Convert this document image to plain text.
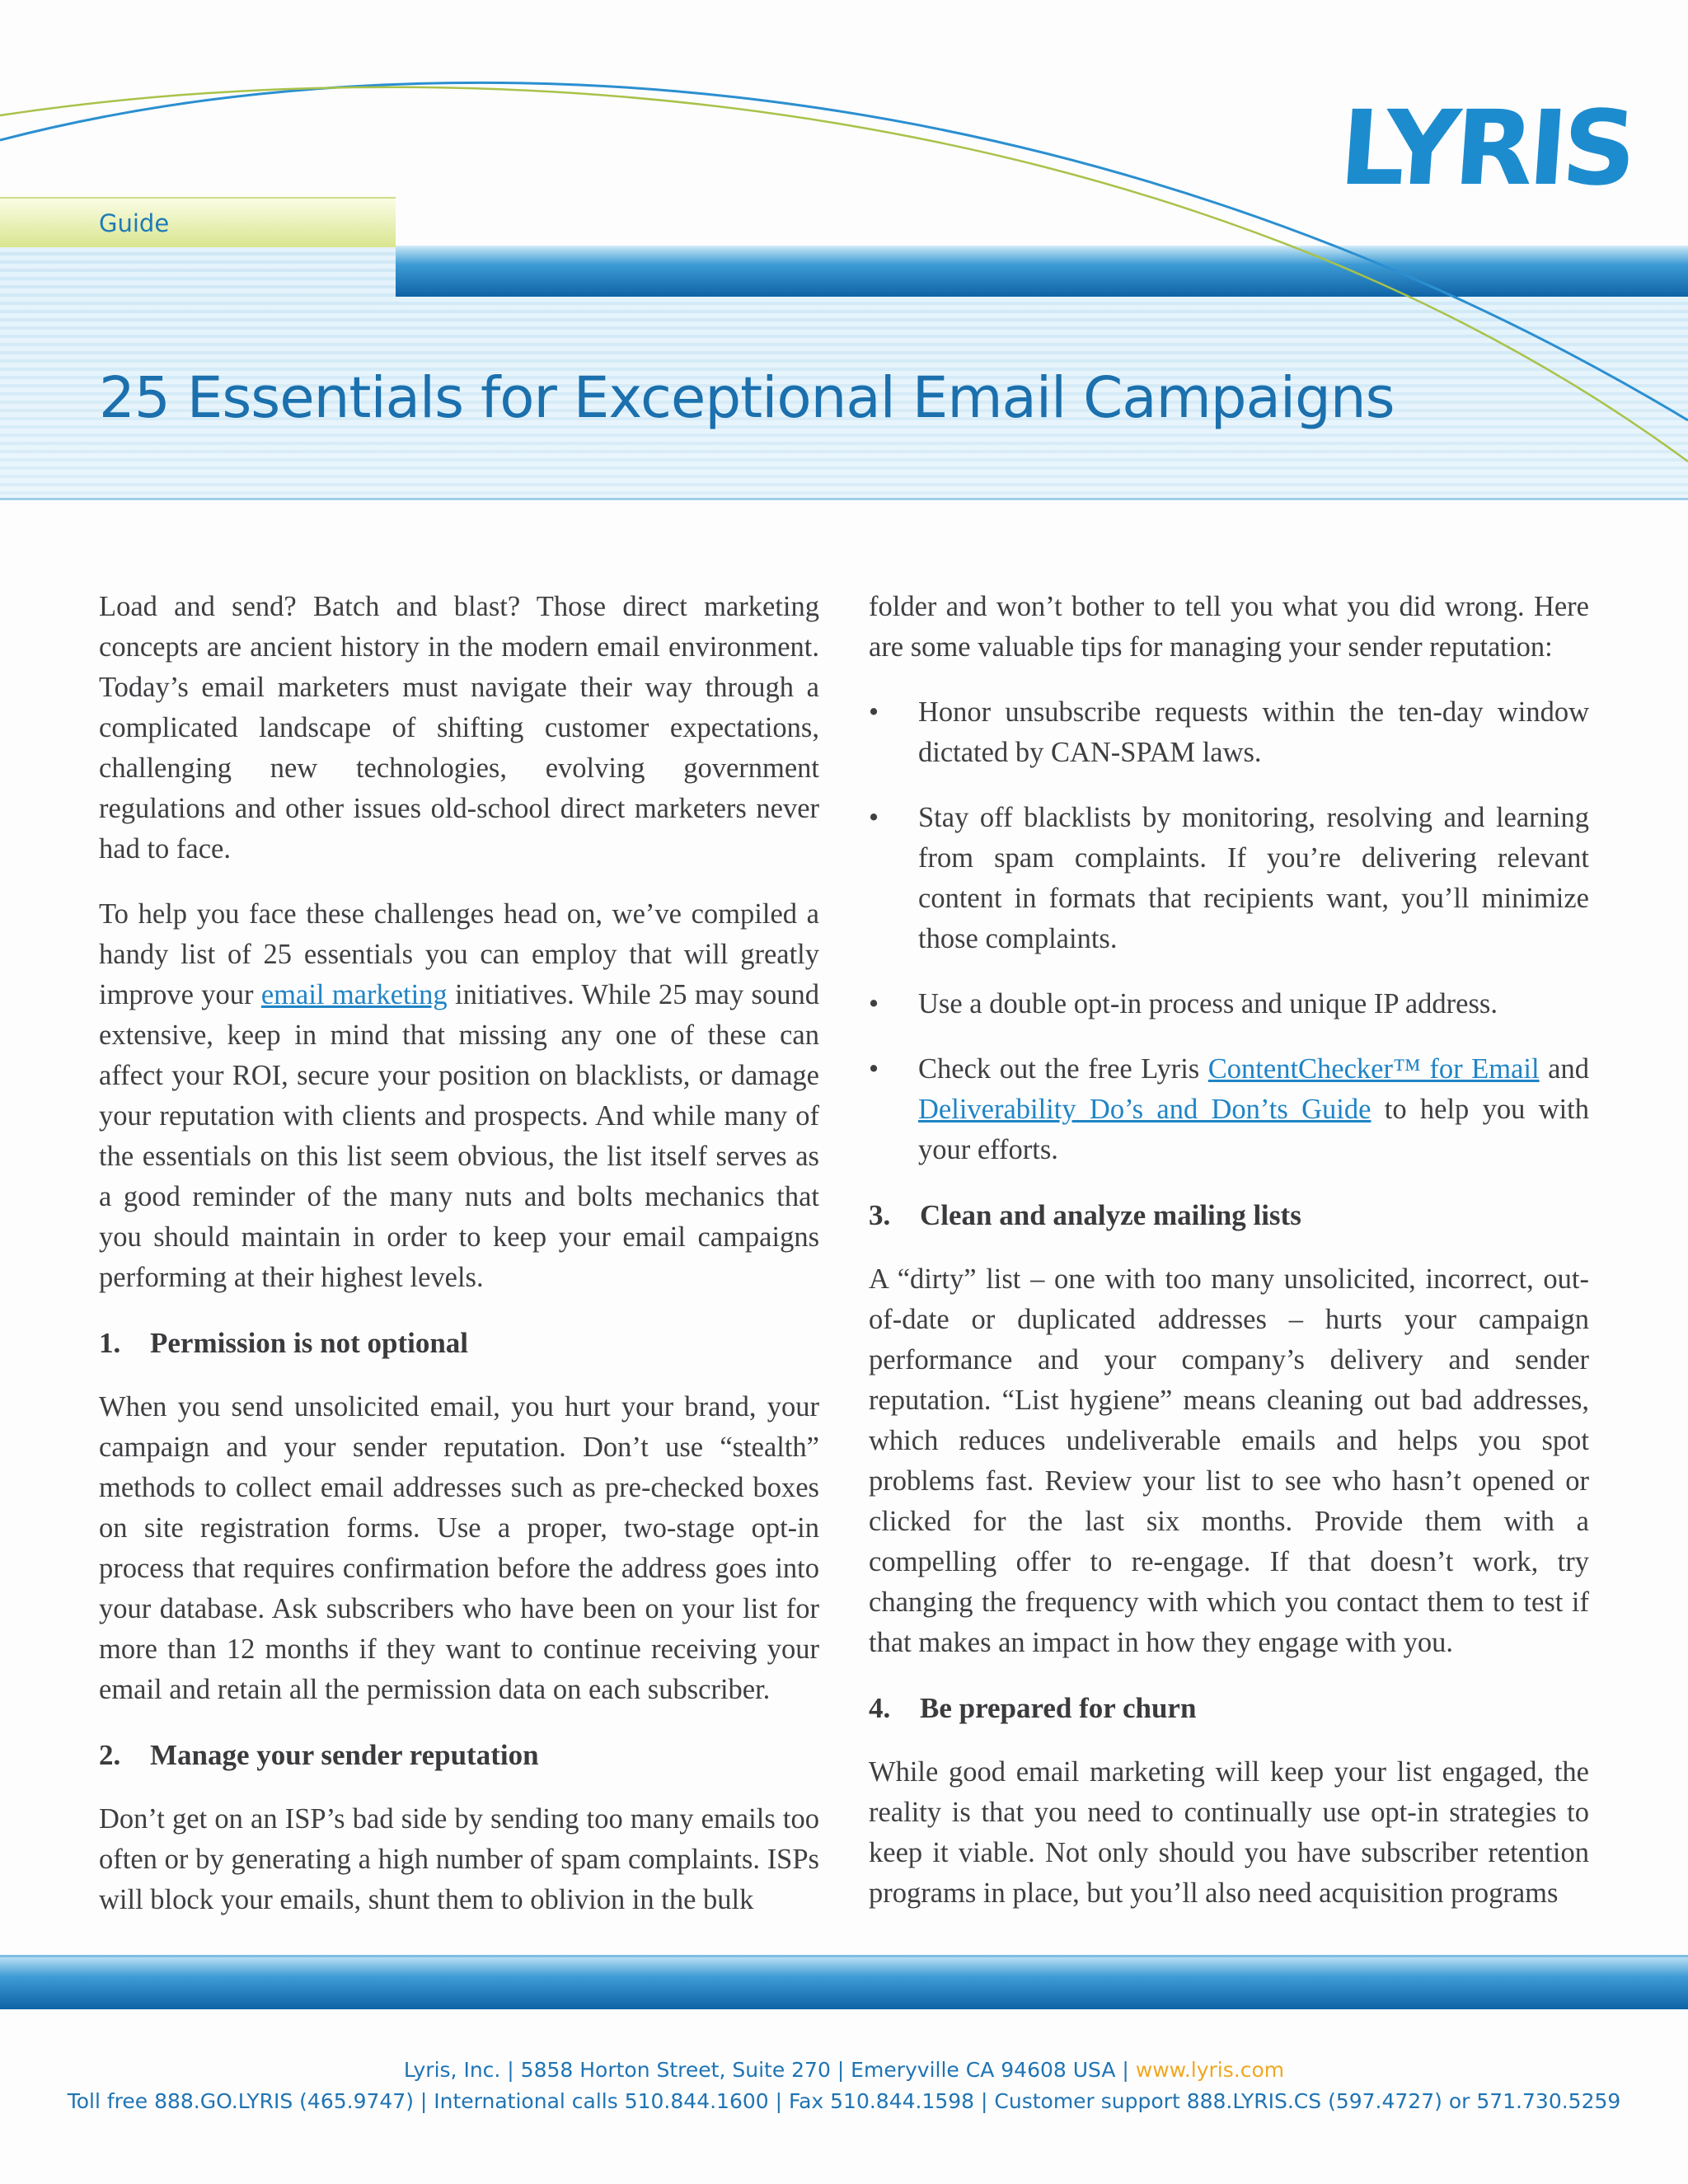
Guide
LYRIS
25 Essentials for Exceptional Email Campaigns

Load and send? Batch and blast? Those direct marketing concepts are ancient history in the modern email environment. Today’s email marketers must navigate their way through a complicated landscape of shifting customer expectations, challenging new technologies, evolving government regulations and other issues old-school direct marketers never had to face.

To help you face these challenges head on, we’ve compiled a handy list of 25 essentials you can employ that will greatly improve your email marketing initiatives. While 25 may sound extensive, keep in mind that missing any one of these can affect your ROI, secure your position on blacklists, or damage your reputation with clients and prospects. And while many of the essentials on this list seem obvious, the list itself serves as a good reminder of the many nuts and bolts mechanics that you should maintain in order to keep your email campaigns performing at their highest levels.

1. Permission is not optional

When you send unsolicited email, you hurt your brand, your campaign and your sender reputation. Don’t use “stealth” methods to collect email addresses such as pre-checked boxes on site registration forms. Use a proper, two-stage opt-in process that requires confirmation before the address goes into your database. Ask subscribers who have been on your list for more than 12 months if they want to continue receiving your email and retain all the permission data on each subscriber.

2. Manage your sender reputation

Don’t get on an ISP’s bad side by sending too many emails too often or by generating a high number of spam complaints. ISPs will block your emails, shunt them to oblivion in the bulk

folder and won’t bother to tell you what you did wrong. Here are some valuable tips for managing your sender reputation:

• Honor unsubscribe requests within the ten-day window dictated by CAN-SPAM laws.
• Stay off blacklists by monitoring, resolving and learning from spam complaints. If you’re delivering relevant content in formats that recipients want, you’ll minimize those complaints.
• Use a double opt-in process and unique IP address.
• Check out the free Lyris ContentChecker™ for Email and Deliverability Do’s and Don’ts Guide to help you with your efforts.
3. Clean and analyze mailing lists

A “dirty” list – one with too many unsolicited, incorrect, out-of-date or duplicated addresses – hurts your campaign performance and your company’s delivery and sender reputation. “List hygiene” means cleaning out bad addresses, which reduces undeliverable emails and helps you spot problems fast. Review your list to see who hasn’t opened or clicked for the last six months. Provide them with a compelling offer to re-engage. If that doesn’t work, try changing the frequency with which you contact them to test if that makes an impact in how they engage with you.

4. Be prepared for churn

While good email marketing will keep your list engaged, the reality is that you need to continually use opt-in strategies to keep it viable. Not only should you have subscriber retention programs in place, but you’ll also need acquisition programs

Lyris, Inc. | 5858 Horton Street, Suite 270 | Emeryville CA 94608 USA | www.lyris.com
Toll free 888.GO.LYRIS (465.9747) | International calls 510.844.1600 | Fax 510.844.1598 | Customer support 888.LYRIS.CS (597.4727) or 571.730.5259
